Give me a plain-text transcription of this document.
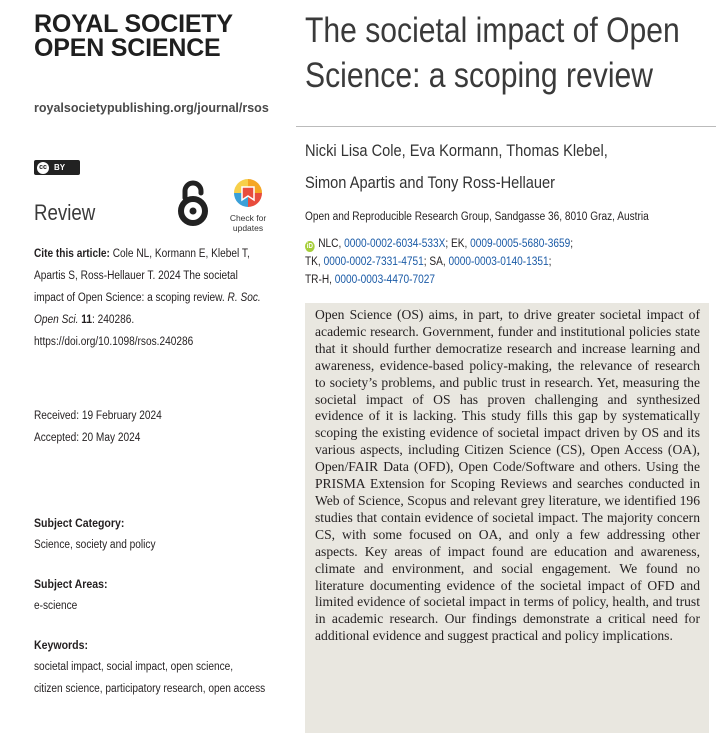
ROYAL SOCIETY
OPEN SCIENCE
royalsocietypublishing.org/journal/rsos
cc BY
Review	Check for
updates
Cite this article: Cole NL, Kormann E, Klebel T, Apartis S, Ross-Hellauer T. 2024 The societal impact of Open Science: a scoping review. R. Soc. Open Sci. 11: 240286.
https://doi.org/10.1098/rsos.240286
Received: 19 February 2024
Accepted: 20 May 2024
Subject Category:
Science, society and policy
Subject Areas:
e-science
Keywords:
societal impact, social impact, open science,
citizen science, participatory research, open access
The societal impact of Open Science: a scoping review
Nicki Lisa Cole, Eva Kormann, Thomas Klebel,
Simon Apartis and Tony Ross-Hellauer
Open and Reproducible Research Group, Sandgasse 36, 8010 Graz, Austria
iD NLC, 0000-0002-6034-533X; EK, 0009-0005-5680-3659;
TK, 0000-0002-7331-4751; SA, 0000-0003-0140-1351;
TR-H, 0000-0003-4470-7027
Open Science (OS) aims, in part, to drive greater societal impact of academic research. Government, funder and institutional policies state that it should further democratize research and increase learning and awareness, evidence-based policy-making, the relevance of research to society’s problems, and public trust in research. Yet, measuring the societal impact of OS has proven challenging and synthesized evidence of it is lacking. This study fills this gap by systematically scoping the existing evidence of societal impact driven by OS and its various aspects, including Citizen Science (CS), Open Access (OA), Open/FAIR Data (OFD), Open Code/Software and others. Using the PRISMA Extension for Scoping Reviews and searches conducted in Web of Science, Scopus and relevant grey literature, we identified 196 studies that contain evidence of societal impact. The majority concern CS, with some focused on OA, and only a few addressing other aspects. Key areas of impact found are education and awareness, climate and environment, and social engagement. We found no literature documenting evidence of the societal impact of OFD and limited evidence of societal impact in terms of policy, health, and trust in academic research. Our findings demonstrate a critical need for additional evidence and suggest practical and policy implications.
